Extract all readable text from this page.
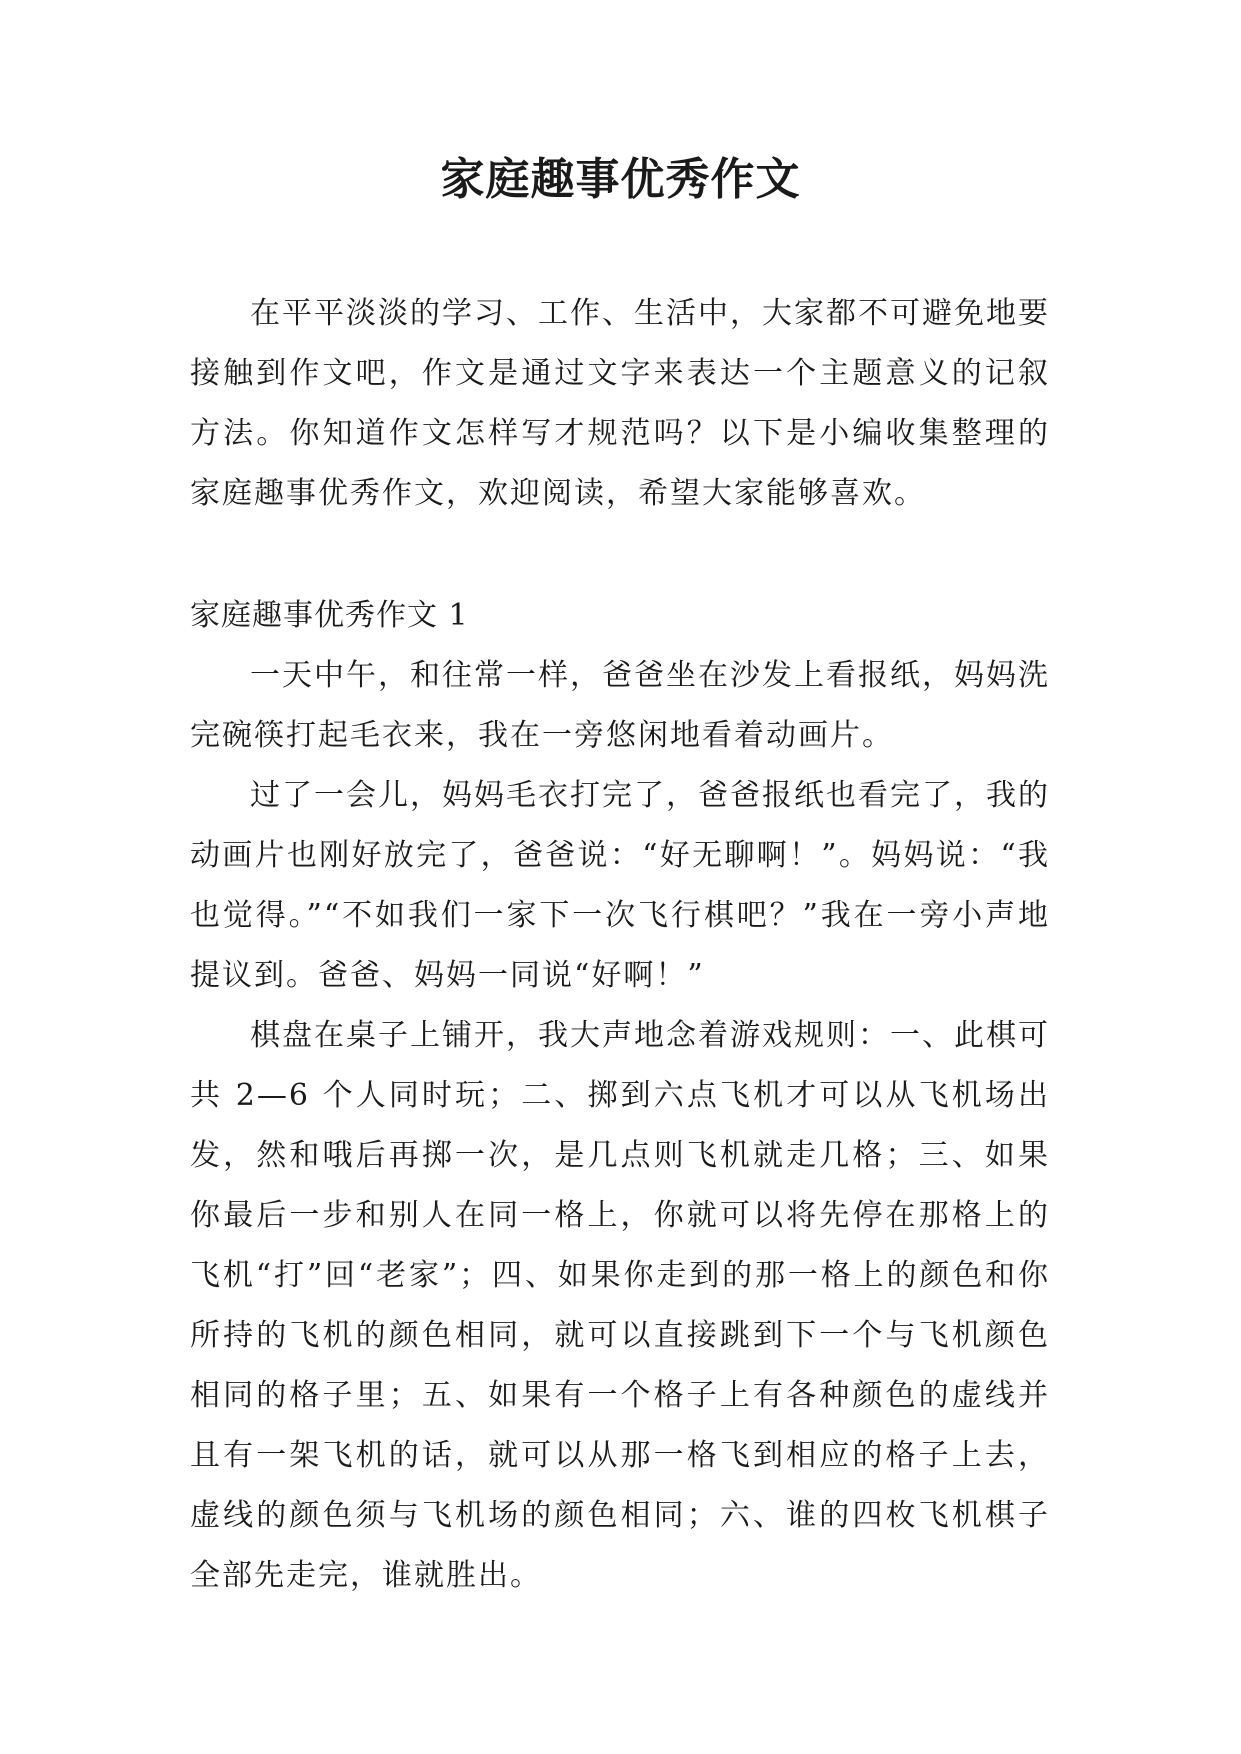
家庭趣事优秀作文

在平平淡淡的学习、工作、生活中，大家都不可避免地要接触到作文吧，作文是通过文字来表达一个主题意义的记叙方法。你知道作文怎样写才规范吗？以下是小编收集整理的家庭趣事优秀作文，欢迎阅读，希望大家能够喜欢。

家庭趣事优秀作文 1

一天中午，和往常一样，爸爸坐在沙发上看报纸，妈妈洗完碗筷打起毛衣来，我在一旁悠闲地看着动画片。

过了一会儿，妈妈毛衣打完了，爸爸报纸也看完了，我的动画片也刚好放完了，爸爸说：“好无聊啊！”。妈妈说：“我也觉得。”“不如我们一家下一次飞行棋吧？”我在一旁小声地提议到。爸爸、妈妈一同说“好啊！”

棋盘在桌子上铺开，我大声地念着游戏规则：一、此棋可共 2—6 个人同时玩；二、掷到六点飞机才可以从飞机场出发，然和哦后再掷一次，是几点则飞机就走几格；三、如果你最后一步和别人在同一格上，你就可以将先停在那格上的飞机“打”回“老家”；四、如果你走到的那一格上的颜色和你所持的飞机的颜色相同，就可以直接跳到下一个与飞机颜色相同的格子里；五、如果有一个格子上有各种颜色的虚线并且有一架飞机的话，就可以从那一格飞到相应的格子上去，虚线的颜色须与飞机场的颜色相同；六、谁的四枚飞机棋子全部先走完，谁就胜出。
